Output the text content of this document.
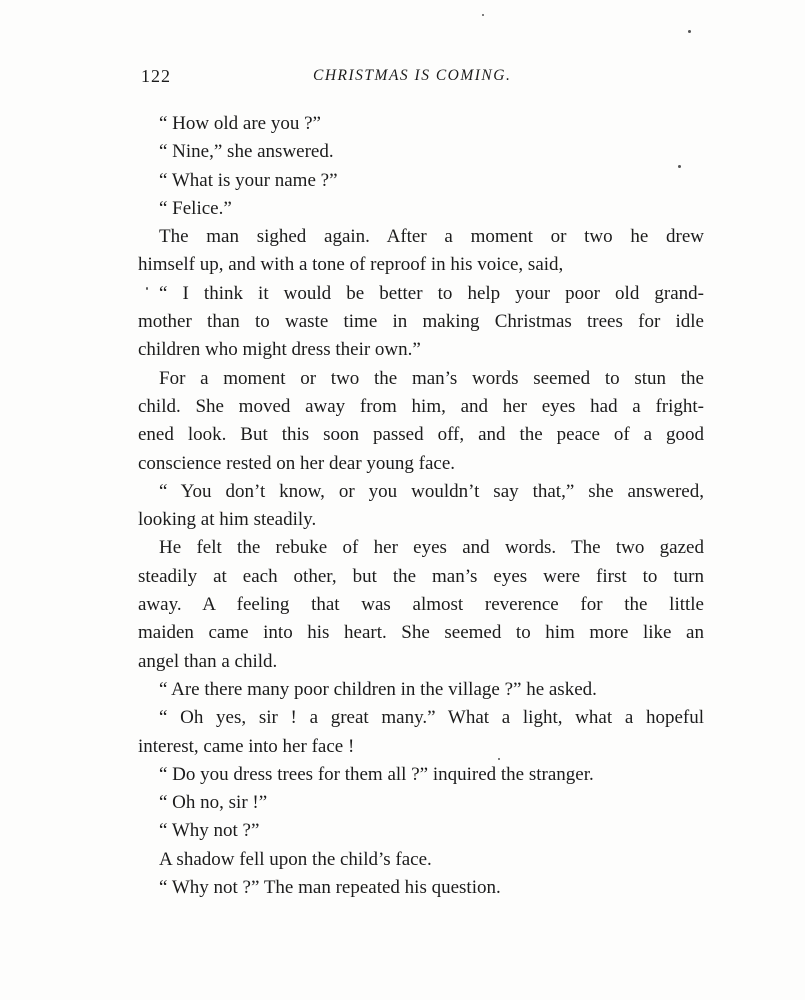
122	CHRISTMAS IS COMING.
“ How old are you ?”
“ Nine,” she answered.
“ What is your name ?”
“ Felice.”
The man sighed again. After a moment or two he drew
himself up, and with a tone of reproof in his voice, said,
“ I think it would be better to help your poor old grand-
mother than to waste time in making Christmas trees for idle
children who might dress their own.”
For a moment or two the man’s words seemed to stun the
child. She moved away from him, and her eyes had a fright-
ened look. But this soon passed off, and the peace of a good
conscience rested on her dear young face.
“ You don’t know, or you wouldn’t say that,” she answered,
looking at him steadily.
He felt the rebuke of her eyes and words. The two gazed
steadily at each other, but the man’s eyes were first to turn
away. A feeling that was almost reverence for the little
maiden came into his heart. She seemed to him more like an
angel than a child.
“ Are there many poor children in the village ?” he asked.
“ Oh yes, sir ! a great many.” What a light, what a hopeful
interest, came into her face !
“ Do you dress trees for them all ?” inquired the stranger.
“ Oh no, sir !”
“ Why not ?”
A shadow fell upon the child’s face.
“ Why not ?” The man repeated his question.
